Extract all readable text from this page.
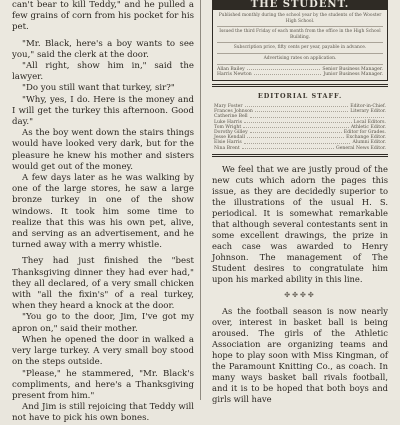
can't bear to kill Teddy," and he pulled a few grains of corn from his pocket for his pet.

"Mr. Black, here's a boy wants to see you," said the clerk at the door.

"All right, show him in," said the lawyer.

"Do you still want that turkey, sir?"

"Why, yes, I do. Here is the money and I will get the turkey this afternoon. Good day."

As the boy went down the stairs things would have looked very dark, but for the pleasure he knew his mother and sisters would get out of the money.

A few days later as he was walking by one of the large stores, he saw a large bronze turkey in one of the show windows. It took him some time to realize that this was his own pet, alive, and serving as an advertisement, and he turned away with a merry whistle.

They had just finished the "best Thanksgiving dinner they had ever had," they all declared, of a very small chicken with "all the fixin's" of a real turkey, when they heard a knock at the door.

"You go to the door, Jim, I've got my apron on," said their mother.

When he opened the door in walked a very large turkey. A very small boy stood on the steps outside.

"Please," he stammered, "Mr. Black's compliments, and here's a Thanksgiving present from him."

And Jim is still rejoicing that Teddy will not have to pick his own bones.

THE STUDENT.
Published monthly during the school year by the students of the Wooster High School.
Issued the third Friday of each month from the office in the High School Building.
Subscription price, fifty cents per year, payable in advance.
Advertising rates on application.
Allan Bailey	Senior Business Manager.
Harris Newton	Junior Business Manager.
EDITORIAL STAFF.
Mary Foster	Editor-in-Chief.
Frances Johnson	Literary Editor.
Catherine Bell
Luke Harris	Local Editors.
Tom Wright	Athletic Editor.
Dorothy Gilley	Editor for Grades.
Jesse Kendall	Exchange Editor.
Elsie Harris	Alumni Editor.
Nina Brent	General News Editor.

We feel that we are justly proud of the new cuts which adorn the pages this issue, as they are decidedly superior to the illustrations of the usual H. S. periodical. It is somewhat remarkable that although several contestants sent in some excellent drawings, the prize in each case was awarded to Henry Johnson. The management of The Student desires to congratulate him upon his marked ability in this line.

✤✤✤✤

As the football season is now nearly over, interest in basket ball is being aroused. The girls of the Athletic Association are organizing teams and hope to play soon with Miss Kingman, of the Paramount Knitting Co., as coach. In many ways basket ball rivals football, and it is to be hoped that both boys and girls will have
